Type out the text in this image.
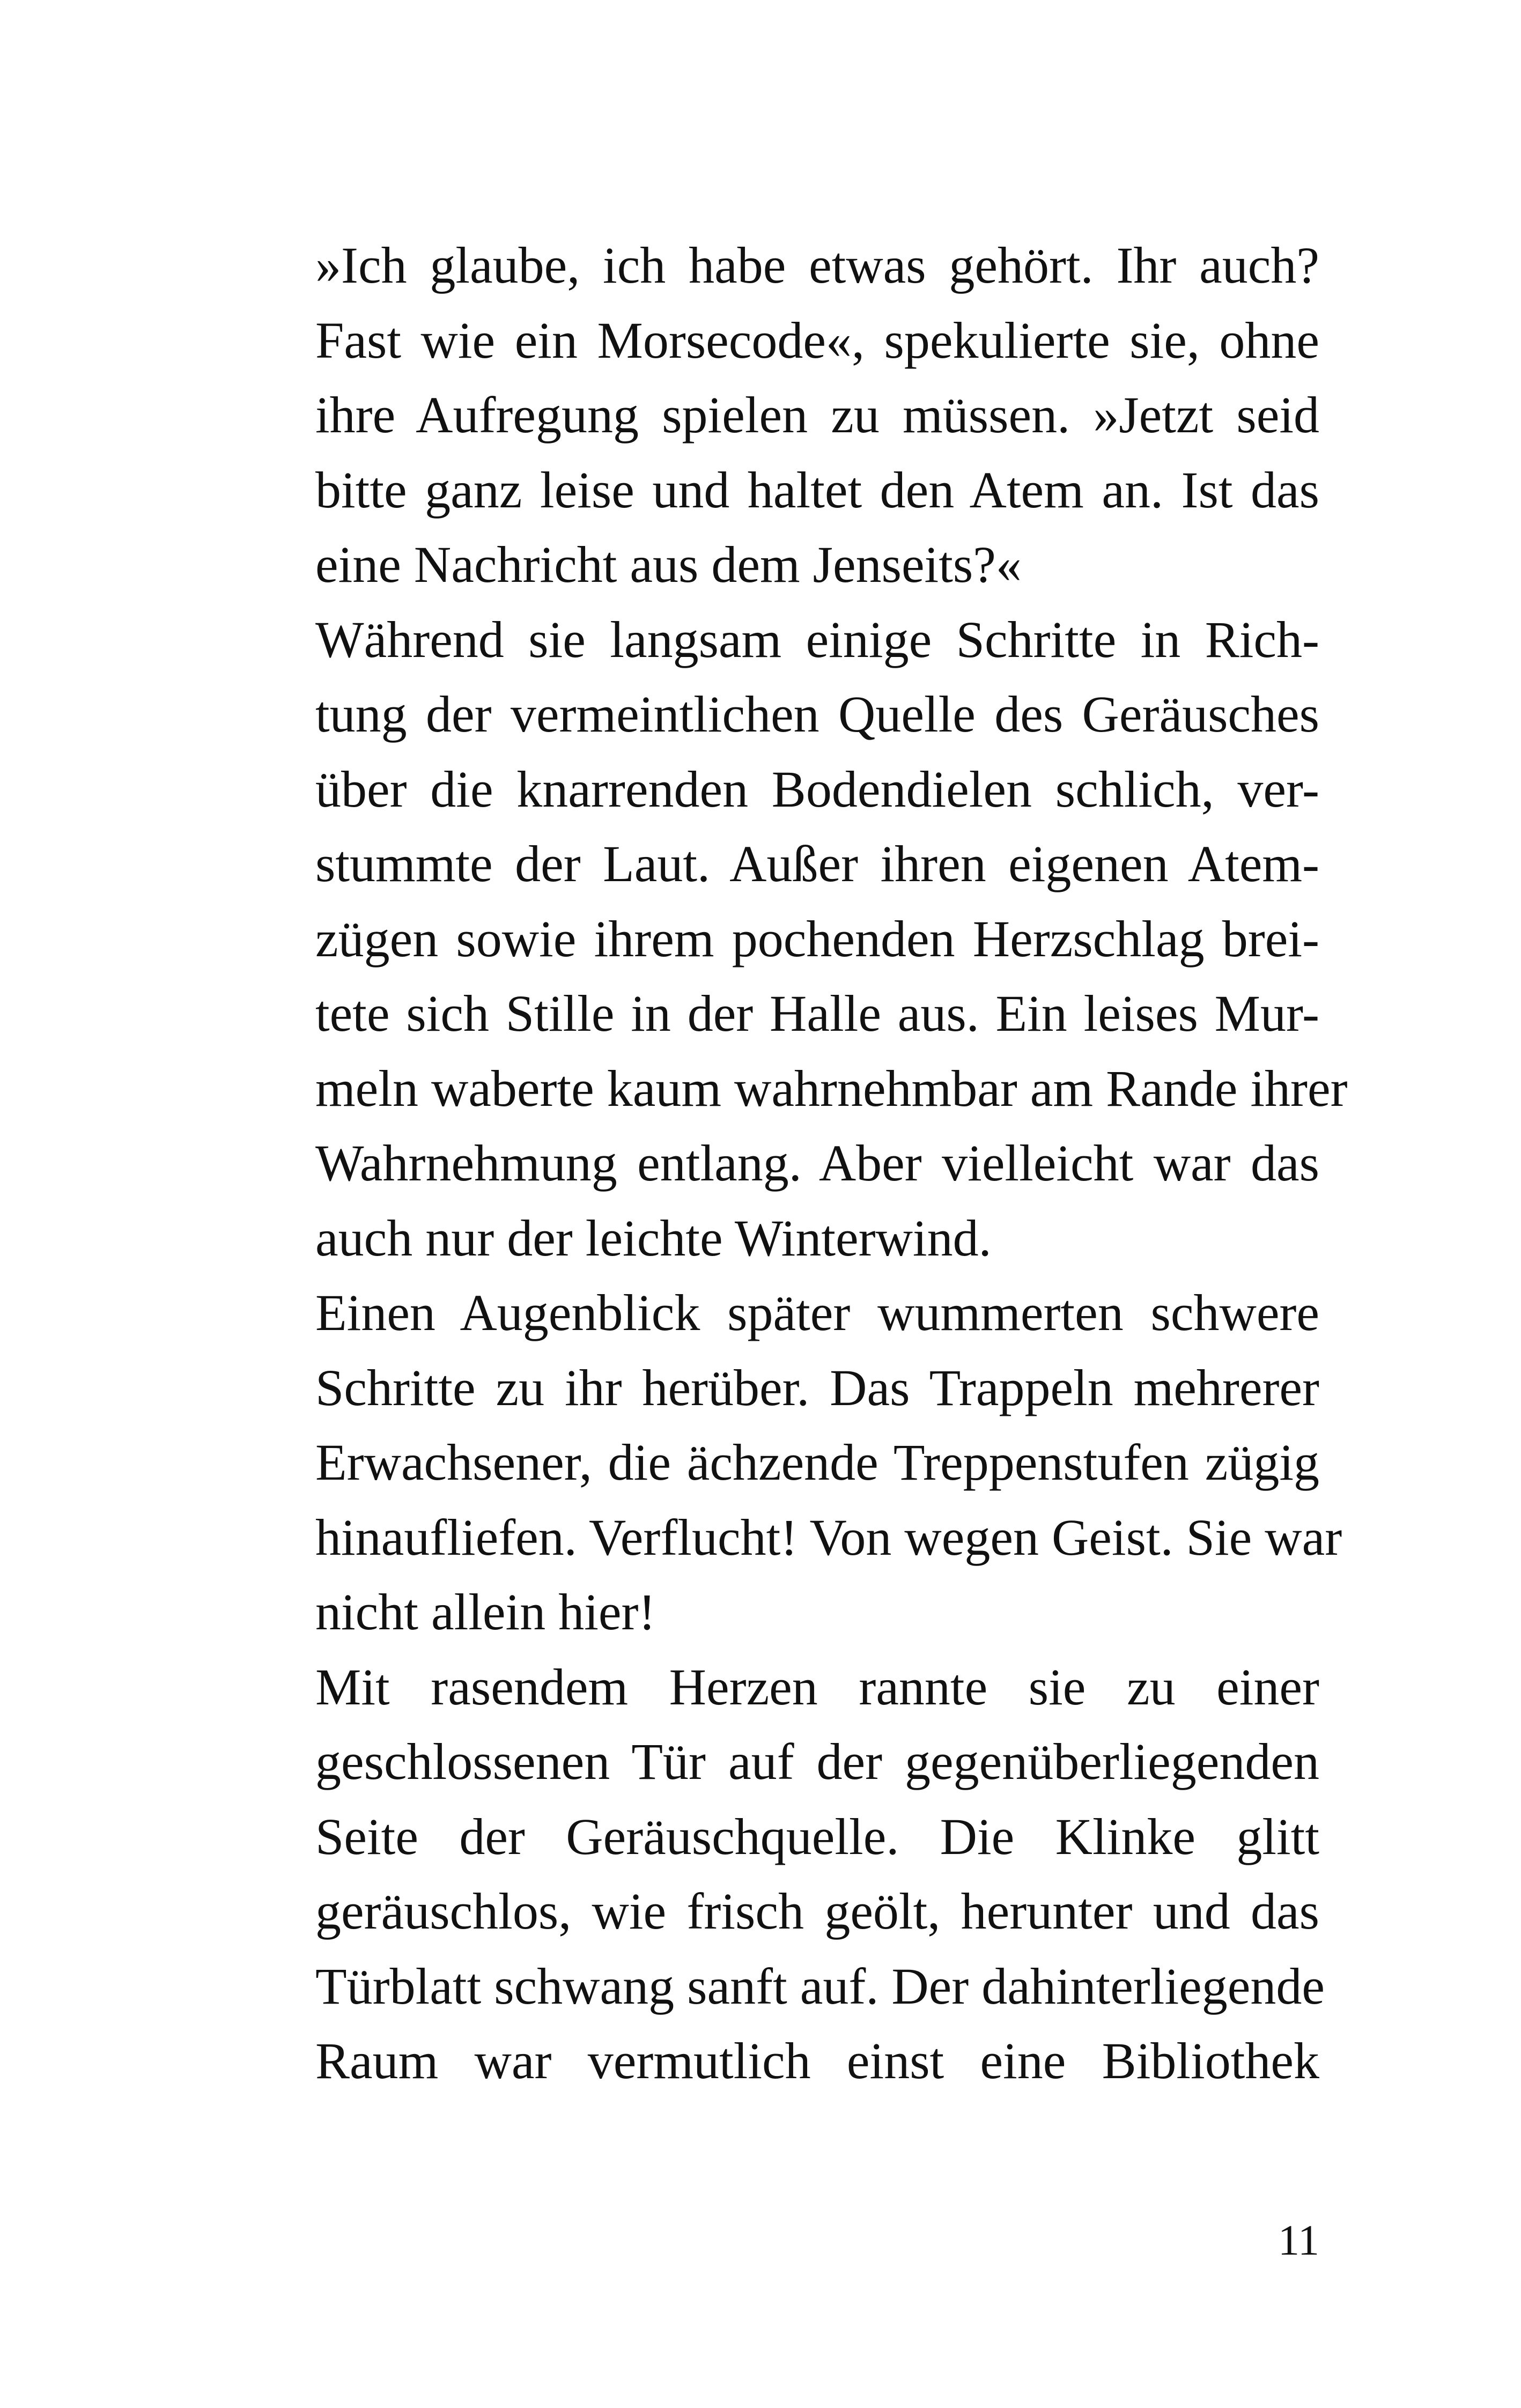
»Ich glaube, ich habe etwas gehört. Ihr auch?
Fast wie ein Morsecode«, spekulierte sie, ohne
ihre Aufregung spielen zu müssen. »Jetzt seid
bitte ganz leise und haltet den Atem an. Ist das
eine Nachricht aus dem Jenseits?«

Während sie langsam einige Schritte in Rich-
tung der vermeintlichen Quelle des Geräusches
über die knarrenden Bodendielen schlich, ver-
stummte der Laut. Außer ihren eigenen Atem-
zügen sowie ihrem pochenden Herzschlag brei-
tete sich Stille in der Halle aus. Ein leises Mur-
meln waberte kaum wahrnehmbar am Rande ihrer
Wahrnehmung entlang. Aber vielleicht war das
auch nur der leichte Winterwind.

Einen Augenblick später wummerten schwere
Schritte zu ihr herüber. Das Trappeln mehrerer
Erwachsener, die ächzende Treppenstufen zügig
hinaufliefen. Verflucht! Von wegen Geist. Sie war
nicht allein hier!

Mit rasendem Herzen rannte sie zu einer
geschlossenen Tür auf der gegenüberliegenden
Seite der Geräuschquelle. Die Klinke glitt
geräuschlos, wie frisch geölt, herunter und das
Türblatt schwang sanft auf. Der dahinterliegende
Raum war vermutlich einst eine Bibliothek

11
